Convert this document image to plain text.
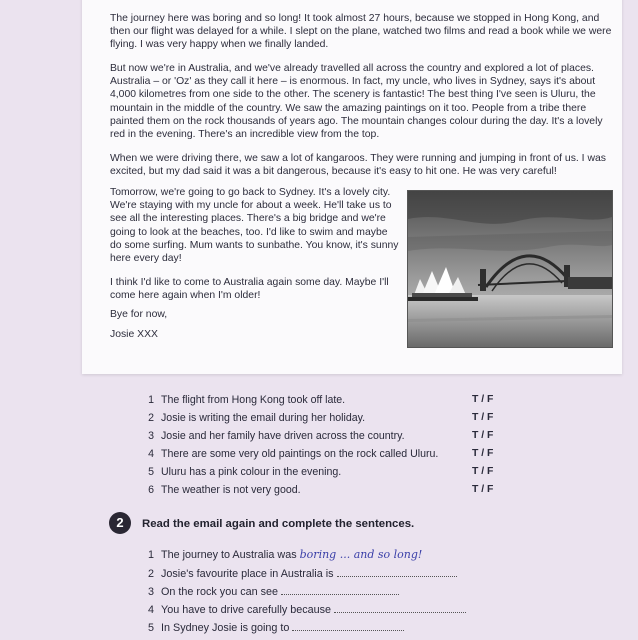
The journey here was boring and so long! It took almost 27 hours, because we stopped in Hong Kong, and then our flight was delayed for a while. I slept on the plane, watched two films and read a book while we were flying. I was very happy when we finally landed.

But now we're in Australia, and we've already travelled all across the country and explored a lot of places. Australia – or 'Oz' as they call it here – is enormous. In fact, my uncle, who lives in Sydney, says it's about 4,000 kilometres from one side to the other. The scenery is fantastic! The best thing I've seen is Uluru, the mountain in the middle of the country. We saw the amazing paintings on it too. People from a tribe there painted them on the rock thousands of years ago. The mountain changes colour during the day. It's a lovely red in the evening. There's an incredible view from the top.

When we were driving there, we saw a lot of kangaroos. They were running and jumping in front of us. I was excited, but my dad said it was a bit dangerous, because it's easy to hit one. He was very careful!

Tomorrow, we're going to go back to Sydney. It's a lovely city. We're staying with my uncle for about a week. He'll take us to see all the interesting places. There's a big bridge and we're going to look at the beaches, too. I'd like to swim and maybe do some surfing. Mum wants to sunbathe. You know, it's sunny here every day!

I think I'd like to come to Australia again some day. Maybe I'll come here again when I'm older!

Bye for now,

Josie XXX

1 The flight from Hong Kong took off late.	T / F
2 Josie is writing the email during her holiday.	T / F
3 Josie and her family have driven across the country.	T / F
4 There are some very old paintings on the rock called Uluru.	T / F
5 Uluru has a pink colour in the evening.	T / F
6 The weather is not very good.	T / F
2	Read the email again and complete the sentences.
1 The journey to Australia was boring ... and so long!
2 Josie's favourite place in Australia is
3 On the rock you can see
4 You have to drive carefully because
5 In Sydney Josie is going to
